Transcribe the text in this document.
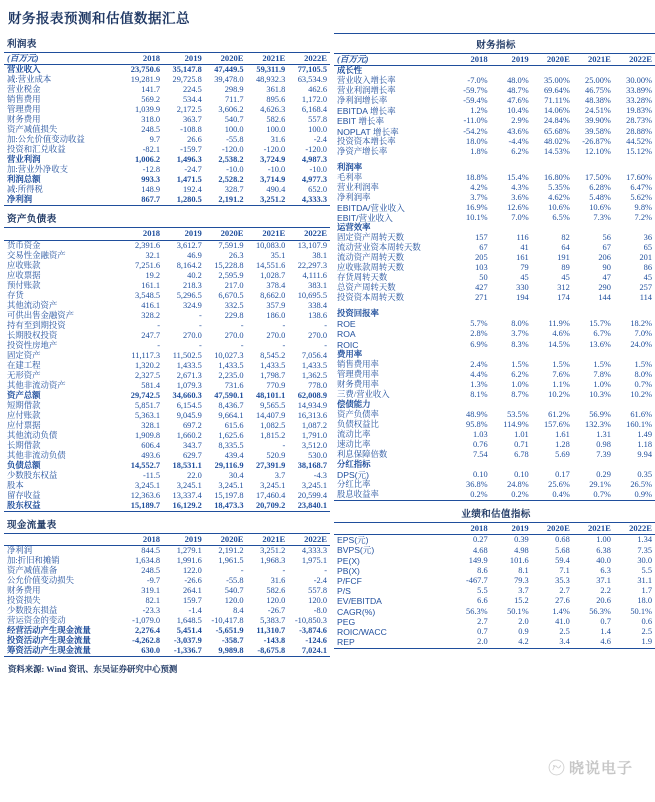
财务报表预测和估值数据汇总
利润表
(百万元)	2018	2019	2020E	2021E	2022E
营业收入	23,750.6	35,147.8	47,449.5	59,311.9	77,105.5
减:营业成本	19,281.9	29,725.8	39,478.0	48,932.3	63,534.9
营业税金	141.7	224.5	298.9	361.8	462.6
销售费用	569.2	534.4	711.7	895.6	1,172.0
管理费用	1,039.9	2,172.5	3,606.2	4,626.3	6,168.4
财务费用	318.0	363.7	540.7	582.6	557.8
资产减值损失	248.5	-108.8	100.0	100.0	100.0
加:公允价值变动收益	9.7	26.6	-55.8	31.6	-2.4
投资和汇兑收益	-82.1	-159.7	-120.0	-120.0	-120.0
营业利润	1,006.2	1,496.3	2,538.2	3,724.9	4,987.3
加:营业外净收支	-12.8	-24.7	-10.0	-10.0	-10.0
利润总额	993.3	1,471.5	2,528.2	3,714.9	4,977.3
减:所得税	148.9	192.4	328.7	490.4	652.0
净利润	867.7	1,280.5	2,191.2	3,251.2	4,333.3
资产负债表
	2018	2019	2020E	2021E	2022E
货币资金	2,391.6	3,612.7	7,591.9	10,083.0	13,107.9
交易性金融资产	32.1	46.9	26.3	35.1	38.1
应收账款	7,251.6	8,164.2	15,228.8	14,551.6	22,297.3
应收票据	19.2	40.2	2,595.9	1,028.7	4,111.6
预付账款	161.1	218.3	217.0	378.4	383.1
存货	3,548.5	5,296.5	6,670.5	8,662.0	10,695.5
其他流动资产	416.1	324.9	332.5	357.9	338.4
可供出售金融资产	328.2	-	229.8	186.0	138.6
持有至到期投资	-	-	-	-	-
长期股权投资	247.7	270.0	270.0	270.0	270.0
投资性房地产	-	-	-	-	-
固定资产	11,117.3	11,502.5	10,027.3	8,545.2	7,056.4
在建工程	1,320.2	1,433.5	1,433.5	1,433.5	1,433.5
无形资产	2,327.5	2,671.3	2,235.0	1,798.7	1,362.5
其他非流动资产	581.4	1,079.3	731.6	770.9	778.0
资产总额	29,742.5	34,660.3	47,590.1	48,101.1	62,008.9
短期借款	5,851.7	6,154.5	8,436.7	9,565.5	14,934.9
应付账款	5,363.1	9,045.9	9,664.1	14,407.9	16,313.6
应付票据	328.1	697.2	615.6	1,082.5	1,087.2
其他流动负债	1,909.8	1,660.2	1,625.6	1,815.2	1,791.0
长期借款	606.4	343.7	8,335.5	-	3,512.0
其他非流动负债	493.6	629.7	439.4	520.9	530.0
负债总额	14,552.7	18,531.1	29,116.9	27,391.9	38,168.7
少数股东权益	-11.5	22.0	30.4	3.7	-4.3
股本	3,245.1	3,245.1	3,245.1	3,245.1	3,245.1
留存收益	12,363.6	13,337.4	15,197.8	17,460.4	20,599.4
股东权益	15,189.7	16,129.2	18,473.3	20,709.2	23,840.1
现金流量表
	2018	2019	2020E	2021E	2022E
净利润	844.5	1,279.1	2,191.2	3,251.2	4,333.3
加:折旧和摊销	1,634.8	1,991.6	1,961.5	1,968.3	1,975.1
资产减值准备	248.5	122.0	-	-	-
公允价值变动损失	-9.7	-26.6	-55.8	31.6	-2.4
财务费用	319.1	264.1	540.7	582.6	557.8
投资损失	82.1	159.7	120.0	120.0	120.0
少数股东损益	-23.3	-1.4	8.4	-26.7	-8.0
营运资金的变动	-1,079.0	1,648.5	-10,417.8	5,383.7	-10,850.3
经营活动产生现金流量	2,276.4	5,451.4	-5,651.9	11,310.7	-3,874.6
投资活动产生现金流量	-4,262.8	-3,037.9	-358.7	-143.8	-124.6
筹资活动产生现金流量	630.0	-1,336.7	9,989.8	-8,675.8	7,024.1
资料来源: Wind 资讯、东吴证券研究中心预测
财务指标
(百万元)	2018	2019	2020E	2021E	2022E
成长性					
营业收入增长率	-7.0%	48.0%	35.00%	25.00%	30.00%
营业利润增长率	-59.7%	48.7%	69.64%	46.75%	33.89%
净利润增长率	-59.4%	47.6%	71.11%	48.38%	33.28%
EBITDA 增长率	1.2%	10.4%	14.06%	24.51%	19.83%
EBIT 增长率	-11.0%	2.9%	24.84%	39.90%	28.73%
NOPLAT 增长率	-54.2%	43.6%	65.68%	39.58%	28.88%
投资资本增长率	18.0%	-4.4%	48.02%	-26.87%	44.52%
净资产增长率	1.8%	6.2%	14.53%	12.10%	15.12%

利润率					
毛利率	18.8%	15.4%	16.80%	17.50%	17.60%
营业利润率	4.2%	4.3%	5.35%	6.28%	6.47%
净利润率	3.7%	3.6%	4.62%	5.48%	5.62%
EBITDA/营业收入	16.9%	12.6%	10.6%	10.6%	9.8%
EBIT/营业收入	10.1%	7.0%	6.5%	7.3%	7.2%
运营效率					
固定资产周转天数	157	116	82	56	36
流动营业资本周转天数	67	41	64	67	65
流动资产周转天数	205	161	191	206	201
应收账款周转天数	103	79	89	90	86
存货周转天数	50	45	45	47	45
总资产周转天数	427	330	312	290	257
投资资本周转天数	271	194	174	144	114

投资回报率					
ROE	5.7%	8.0%	11.9%	15.7%	18.2%
ROA	2.8%	3.7%	4.6%	6.7%	7.0%
ROIC	6.9%	8.3%	14.5%	13.6%	24.0%
费用率					
销售费用率	2.4%	1.5%	1.5%	1.5%	1.5%
管理费用率	4.4%	6.2%	7.6%	7.8%	8.0%
财务费用率	1.3%	1.0%	1.1%	1.0%	0.7%
三费/营业收入	8.1%	8.7%	10.2%	10.3%	10.2%
偿债能力					
资产负债率	48.9%	53.5%	61.2%	56.9%	61.6%
负债权益比	95.8%	114.9%	157.6%	132.3%	160.1%
流动比率	1.03	1.01	1.61	1.31	1.49
速动比率	0.76	0.71	1.28	0.98	1.18
利息保障倍数	7.54	6.78	5.69	7.39	9.94
分红指标					
DPS(元)	0.10	0.10	0.17	0.29	0.35
分红比率	36.8%	24.8%	25.6%	29.1%	26.5%
股息收益率	0.2%	0.2%	0.4%	0.7%	0.9%
业绩和估值指标
	2018	2019	2020E	2021E	2022E
EPS(元)	0.27	0.39	0.68	1.00	1.34
BVPS(元)	4.68	4.98	5.68	6.38	7.35
PE(X)	149.9	101.6	59.4	40.0	30.0
PB(X)	8.6	8.1	7.1	6.3	5.5
P/FCF	-467.7	79.3	35.3	37.1	31.1
P/S	5.5	3.7	2.7	2.2	1.7
EV/EBITDA	6.6	15.2	27.6	20.6	18.0
CAGR(%)	56.3%	50.1%	1.4%	56.3%	50.1%
PEG	2.7	2.0	41.0	0.7	0.6
ROIC/WACC	0.7	0.9	2.5	1.4	2.5
REP	2.0	4.2	3.4	4.6	1.9
晓说电子
